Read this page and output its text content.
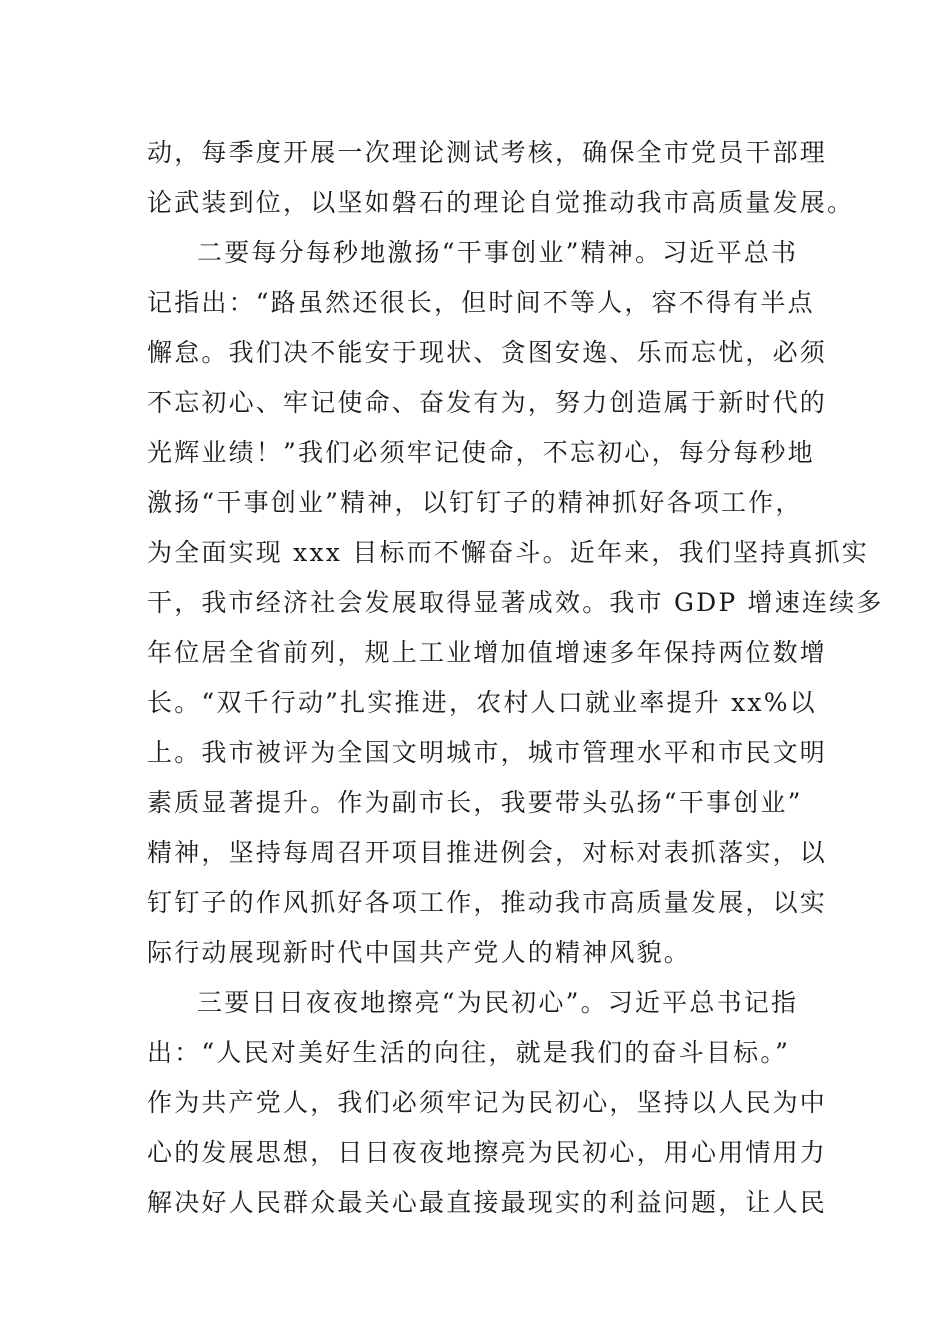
动，每季度开展一次理论测试考核，确保全市党员干部理
论武装到位，以坚如磐石的理论自觉推动我市高质量发展。
二要每分每秒地激扬“干事创业”精神。习近平总书
记指出：“路虽然还很长，但时间不等人，容不得有半点
懈怠。我们决不能安于现状、贪图安逸、乐而忘忧，必须
不忘初心、牢记使命、奋发有为，努力创造属于新时代的
光辉业绩！”我们必须牢记使命，不忘初心，每分每秒地
激扬“干事创业”精神，以钉钉子的精神抓好各项工作，
为全面实现 xxx 目标而不懈奋斗。近年来，我们坚持真抓实
干，我市经济社会发展取得显著成效。我市 GDP 增速连续多
年位居全省前列，规上工业增加值增速多年保持两位数增
长。“双千行动”扎实推进，农村人口就业率提升 xx%以
上。我市被评为全国文明城市，城市管理水平和市民文明
素质显著提升。作为副市长，我要带头弘扬“干事创业”
精神，坚持每周召开项目推进例会，对标对表抓落实，以
钉钉子的作风抓好各项工作，推动我市高质量发展，以实
际行动展现新时代中国共产党人的精神风貌。
三要日日夜夜地擦亮“为民初心”。习近平总书记指
出：“人民对美好生活的向往，就是我们的奋斗目标。”
作为共产党人，我们必须牢记为民初心，坚持以人民为中
心的发展思想，日日夜夜地擦亮为民初心，用心用情用力
解决好人民群众最关心最直接最现实的利益问题，让人民
